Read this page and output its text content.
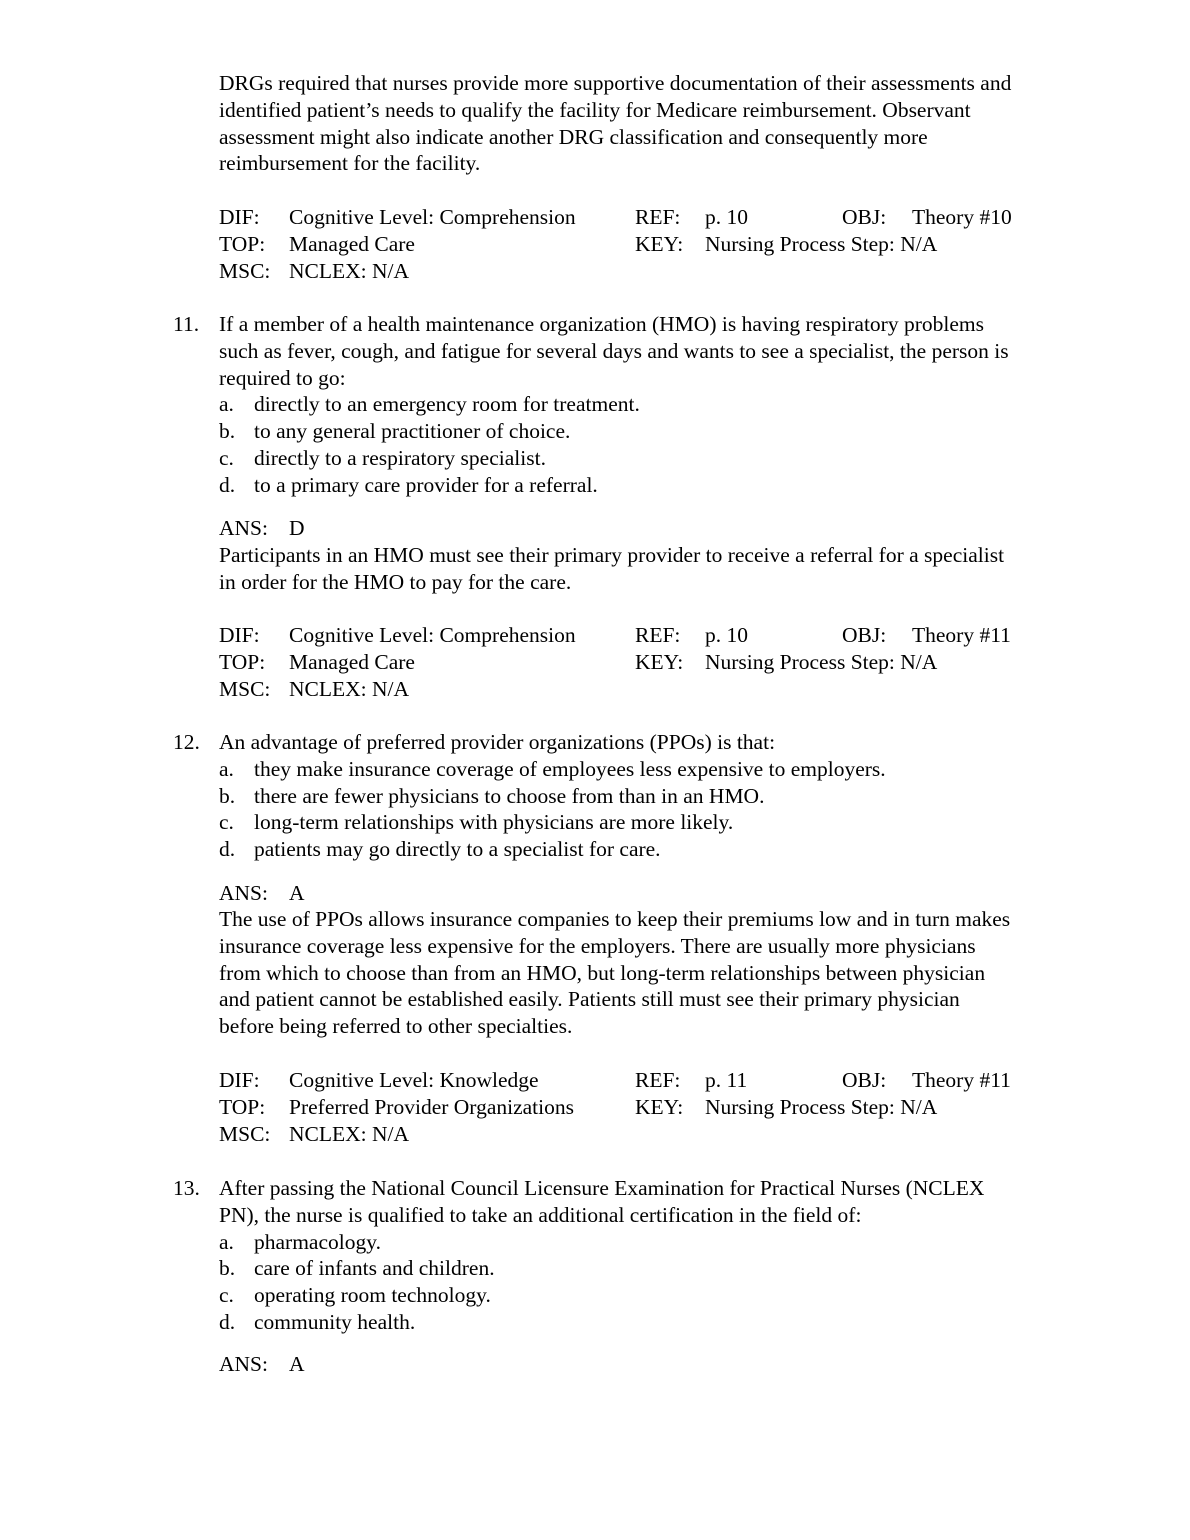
DRGs required that nurses provide more supportive documentation of their assessments and
identified patient’s needs to qualify the facility for Medicare reimbursement. Observant
assessment might also indicate another DRG classification and consequently more
reimbursement for the facility.
DIF: Cognitive Level: Comprehension	REF: p. 10	OBJ: Theory #10
TOP: Managed Care	KEY: Nursing Process Step: N/A
MSC: NCLEX: N/A
11. If a member of a health maintenance organization (HMO) is having respiratory problems
such as fever, cough, and fatigue for several days and wants to see a specialist, the person is
required to go:
a. directly to an emergency room for treatment.
b. to any general practitioner of choice.
c. directly to a respiratory specialist.
d. to a primary care provider for a referral.
ANS: D
Participants in an HMO must see their primary provider to receive a referral for a specialist
in order for the HMO to pay for the care.
DIF: Cognitive Level: Comprehension	REF: p. 10	OBJ: Theory #11
TOP: Managed Care	KEY: Nursing Process Step: N/A
MSC: NCLEX: N/A
12. An advantage of preferred provider organizations (PPOs) is that:
a. they make insurance coverage of employees less expensive to employers.
b. there are fewer physicians to choose from than in an HMO.
c. long-term relationships with physicians are more likely.
d. patients may go directly to a specialist for care.
ANS: A
The use of PPOs allows insurance companies to keep their premiums low and in turn makes
insurance coverage less expensive for the employers. There are usually more physicians
from which to choose than from an HMO, but long-term relationships between physician
and patient cannot be established easily. Patients still must see their primary physician
before being referred to other specialties.
DIF: Cognitive Level: Knowledge	REF: p. 11	OBJ: Theory #11
TOP: Preferred Provider Organizations	KEY: Nursing Process Step: N/A
MSC: NCLEX: N/A
13. After passing the National Council Licensure Examination for Practical Nurses (NCLEX
PN), the nurse is qualified to take an additional certification in the field of:
a. pharmacology.
b. care of infants and children.
c. operating room technology.
d. community health.
ANS: A
